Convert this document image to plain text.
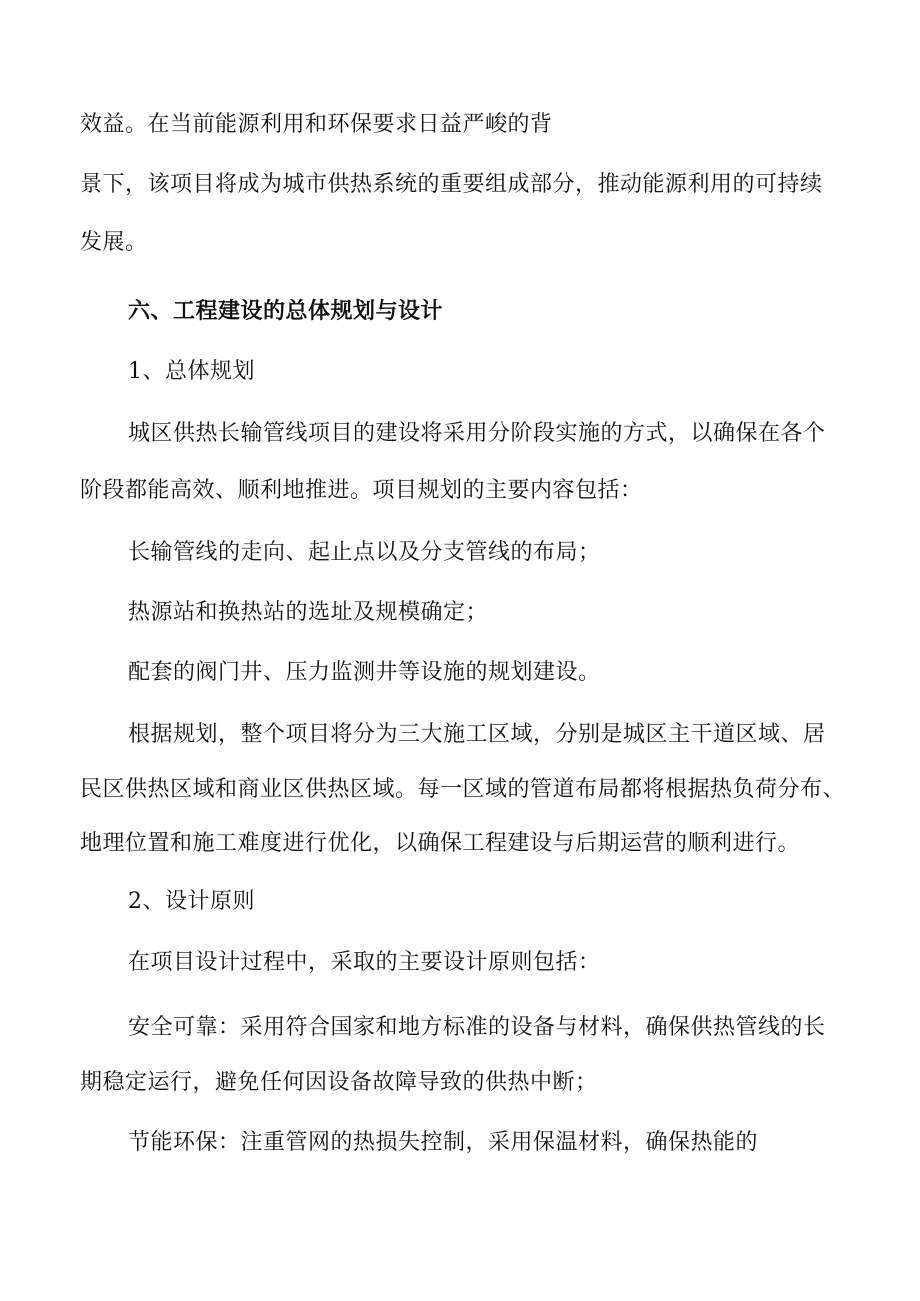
效益。在当前能源利用和环保要求日益严峻的背
景下，该项目将成为城市供热系统的重要组成部分，推动能源利用的可持续
发展。
六、工程建设的总体规划与设计
1、总体规划
城区供热长输管线项目的建设将采用分阶段实施的方式，以确保在各个
阶段都能高效、顺利地推进。项目规划的主要内容包括：
长输管线的走向、起止点以及分支管线的布局；
热源站和换热站的选址及规模确定；
配套的阀门井、压力监测井等设施的规划建设。
根据规划，整个项目将分为三大施工区域，分别是城区主干道区域、居
民区供热区域和商业区供热区域。每一区域的管道布局都将根据热负荷分布、
地理位置和施工难度进行优化，以确保工程建设与后期运营的顺利进行。
2、设计原则
在项目设计过程中，采取的主要设计原则包括：
安全可靠：采用符合国家和地方标准的设备与材料，确保供热管线的长
期稳定运行，避免任何因设备故障导致的供热中断；
节能环保：注重管网的热损失控制，采用保温材料，确保热能的
